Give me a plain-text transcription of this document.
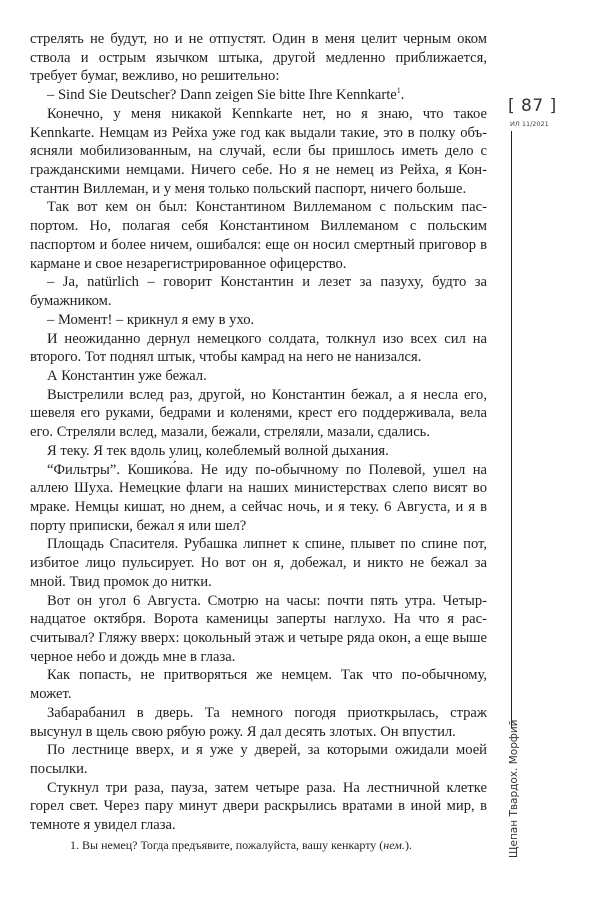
стрелять не будут, но и не отпустят. Один в меня целит черным оком ствола и острым язычком штыка, другой медленно приближается, требует бумаг, вежливо, но решительно:

– Sind Sie Deutscher? Dann zeigen Sie bitte Ihre Kennkarte$^1$.

Конечно, у меня никакой Kennkarte нет, но я знаю, что такое Kennkarte. Немцам из Рейха уже год как выдали такие, это в полку объясняли мобилизованным, на случай, если бы пришлось иметь дело с гражданскими немцами. Ничего себе. Но я не немец из Рейха, я Константин Виллеман, и у меня только польский паспорт, ничего больше.

Так вот кем он был: Константином Виллеманом с польским паспортом. Но, полагая себя Константином Виллеманом с польским паспортом и более ничем, ошибался: еще он носил смертный приговор в кармане и свое незарегистрированное офицерство.

– Ja, natürlich – говорит Константин и лезет за пазуху, будто за бумажником.

– Момент! – крикнул я ему в ухо.

И неожиданно дернул немецкого солдата, толкнул изо всех сил на второго. Тот поднял штык, чтобы камрад на него не нанизался.

А Константин уже бежал.

Выстрелили вслед раз, другой, но Константин бежал, а я несла его, шевеля его руками, бедрами и коленями, крест его поддерживала, вела его. Стреляли вслед, мазали, бежали, стреляли, мазали, сдались.

Я теку. Я тек вдоль улиц, колеблемый волной дыхания.

“Фильтры”. Кошико́ва. Не иду по-обычному по Полевой, ушел на аллею Шуха. Немецкие флаги на наших министерствах слепо висят во мраке. Немцы кишат, но днем, а сейчас ночь, и я теку. 6 Августа, и я в порту приписки, бежал я или шел?

Площадь Спасителя. Рубашка липнет к спине, плывет по спине пот, избитое лицо пульсирует. Но вот он я, добежал, и никто не бежал за мной. Твид промок до нитки.

Вот он угол 6 Августа. Смотрю на часы: почти пять утра. Четырнадцатое октября. Ворота каменицы заперты наглухо. На что я рассчитывал? Гляжу вверх: цокольный этаж и четыре ряда окон, а еще выше черное небо и дождь мне в глаза.

Как попасть, не притворяться же немцем. Так что по-обычному, может.

Забарабанил в дверь. Та немного погодя приоткрылась, страж высунул в щель свою рябую рожу. Я дал десять злотых. Он впустил.

По лестнице вверх, и я уже у дверей, за которыми ожидали моей посылки.

Стукнул три раза, пауза, затем четыре раза. На лестничной клетке горел свет. Через пару минут двери раскрылись вратами в иной мир, в темноте я увидел глаза.

[ 87 ]
ИЛ 11/2021
Щепан Твардох. Морфий
1. Вы немец? Тогда предъявите, пожалуйста, вашу кенкарту (нем.).
